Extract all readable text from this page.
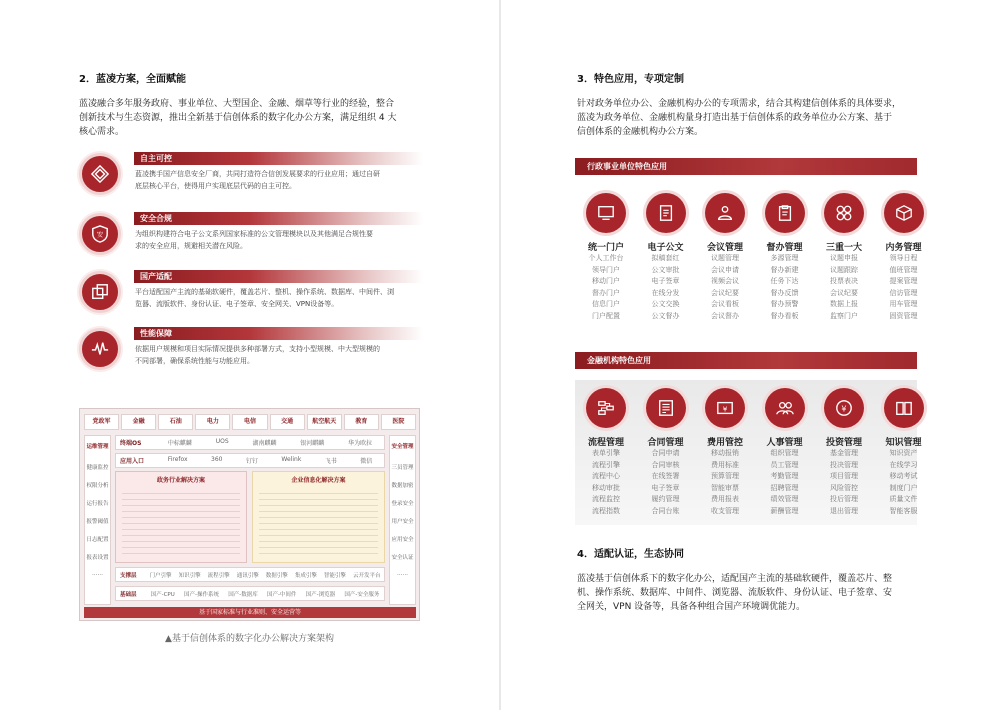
2．蓝凌方案，全面赋能
蓝凌融合多年服务政府、事业单位、大型国企、金融、烟草等行业的经验，整合
创新技术与生态资源，推出全新基于信创体系的数字化办公方案，满足组织 4 大
核心需求。
自主可控
蓝凌携手国产信息安全厂商，共同打造符合信创发展要求的行业应用；通过自研
底层核心平台，使得用户实现底层代码的自主可控。
安
安全合规
为组织构建符合电子公文系列国家标准的公文管理模块以及其他满足合规性要
求的安全应用，规避相关潜在风险。
国产适配
平台适配国产主流的基础软硬件，覆盖芯片、整机、操作系统、数据库、中间件、浏
览器、流版软件、身份认证、电子签章、安全网关、VPN设备等。
性能保障
依据用户规模和项目实际情况提供多种部署方式，支持小型规模、中大型规模的
不同部署，确保系统性能与功能应用。
党政军	金融	石油	电力	电信	交通	航空航天	教育	医院
运维管理
健康监控
权限分析
运行报告
报警阈值
日志配置
报表设置
……
安全管理
三员管理
数据加密
登录安全
用户安全
应用安全
安全认证
……
终端OS	中标麒麟	UOS	湖南麒麟	银河麒麟	华为欧拉
应用入口	Firefox	360	钉钉	Welink	飞书	微信
政务行业解决方案	企业信息化解决方案
支撑层	门户引擎 知识引擎 流程引擎 通讯引擎 数据引擎 集成引擎 智能引擎 云开发平台
基础层	国产-CPU 国产-操作系统 国产-数据库 国产-中间件 国产-浏览器 国产-安全服务
基于国家标准与行业准则、安全运营等
▲基于信创体系的数字化办公解决方案架构
3．特色应用，专项定制
针对政务单位办公、金融机构办公的专项需求，结合其构建信创体系的具体要求，
蓝凌为政务单位、金融机构量身打造出基于信创体系的政务单位办公方案、基于
信创体系的金融机构办公方案。
行政事业单位特色应用
统一门户
个人工作台
领导门户
移动门户
督办门户
信息门户
门户配置
电子公文
拟稿套红
公文审批
电子签章
在线分发
公文交换
公文督办
会议管理
议题管理
会议申请
视频会议
会议纪要
会议看板
会议督办
督办管理
多源管理
督办新建
任务下达
督办反馈
督办预警
督办看板
三重一大
议题申报
议题跟踪
投票表决
会议纪要
数据上报
监察门户
内务管理
领导日程
值班管理
提案管理
信访管理
用车管理
固资管理
金融机构特色应用
流程管理
表单引擎
流程引擎
流程中心
移动审批
流程监控
流程指数
合同管理
合同申请
合同审核
在线签署
电子签章
履约管理
合同台账
¥
费用管控
移动报销
费用标准
预算管理
智能审票
费用报表
收支管理
人事管理
组织管理
员工管理
考勤管理
招聘管理
绩效管理
薪酬管理
¥
投资管理
基金管理
投决管理
项目管理
风险管控
投后管理
退出管理
知识管理
知识资产
在线学习
移动考试
制度门户
质量文件
智能客服
4．适配认证，生态协同
蓝凌基于信创体系下的数字化办公，适配国产主流的基础软硬件，覆盖芯片、整
机、操作系统、数据库、中间件、浏览器、流版软件、身份认证、电子签章、安
全网关，VPN 设备等，具备各种组合国产环境调优能力。
